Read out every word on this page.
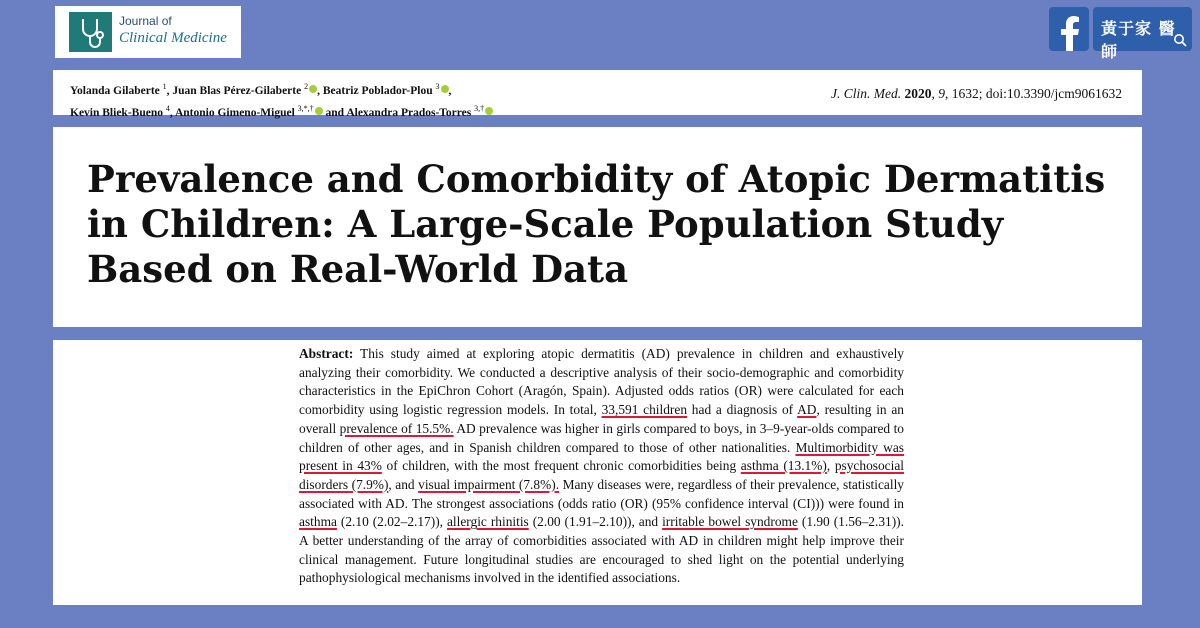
Journal of
Clinical Medicine	黃于家 醫師
Yolanda Gilaberte $^1$, Juan Blas Pérez-Gilaberte $^2$ , Beatriz Poblador-Plou $^3$ ,
Kevin Bliek-Bueno $^4$, Antonio Gimeno-Miguel $^{3,*,\dagger}$ and Alexandra Prados-Torres $^{3,\dagger}$
J. Clin. Med. 2020, 9, 1632; doi:10.3390/jcm9061632
Prevalence and Comorbidity of Atopic Dermatitis in Children: A Large-Scale Population Study Based on Real-World Data

Abstract: This study aimed at exploring atopic dermatitis (AD) prevalence in children and exhaustively analyzing their comorbidity. We conducted a descriptive analysis of their socio-demographic and comorbidity characteristics in the EpiChron Cohort (Aragón, Spain). Adjusted odds ratios (OR) were calculated for each comorbidity using logistic regression models. In total, 33,591 children had a diagnosis of AD, resulting in an overall prevalence of 15.5%. AD prevalence was higher in girls compared to boys, in 3–9-year-olds compared to children of other ages, and in Spanish children compared to those of other nationalities. Multimorbidity was present in 43% of children, with the most frequent chronic comorbidities being asthma (13.1%), psychosocial disorders (7.9%), and visual impairment (7.8%). Many diseases were, regardless of their prevalence, statistically associated with AD. The strongest associations (odds ratio (OR) (95% confidence interval (CI))) were found in asthma (2.10 (2.02–2.17)), allergic rhinitis (2.00 (1.91–2.10)), and irritable bowel syndrome (1.90 (1.56–2.31)). A better understanding of the array of comorbidities associated with AD in children might help improve their clinical management. Future longitudinal studies are encouraged to shed light on the potential underlying pathophysiological mechanisms involved in the identified associations.
